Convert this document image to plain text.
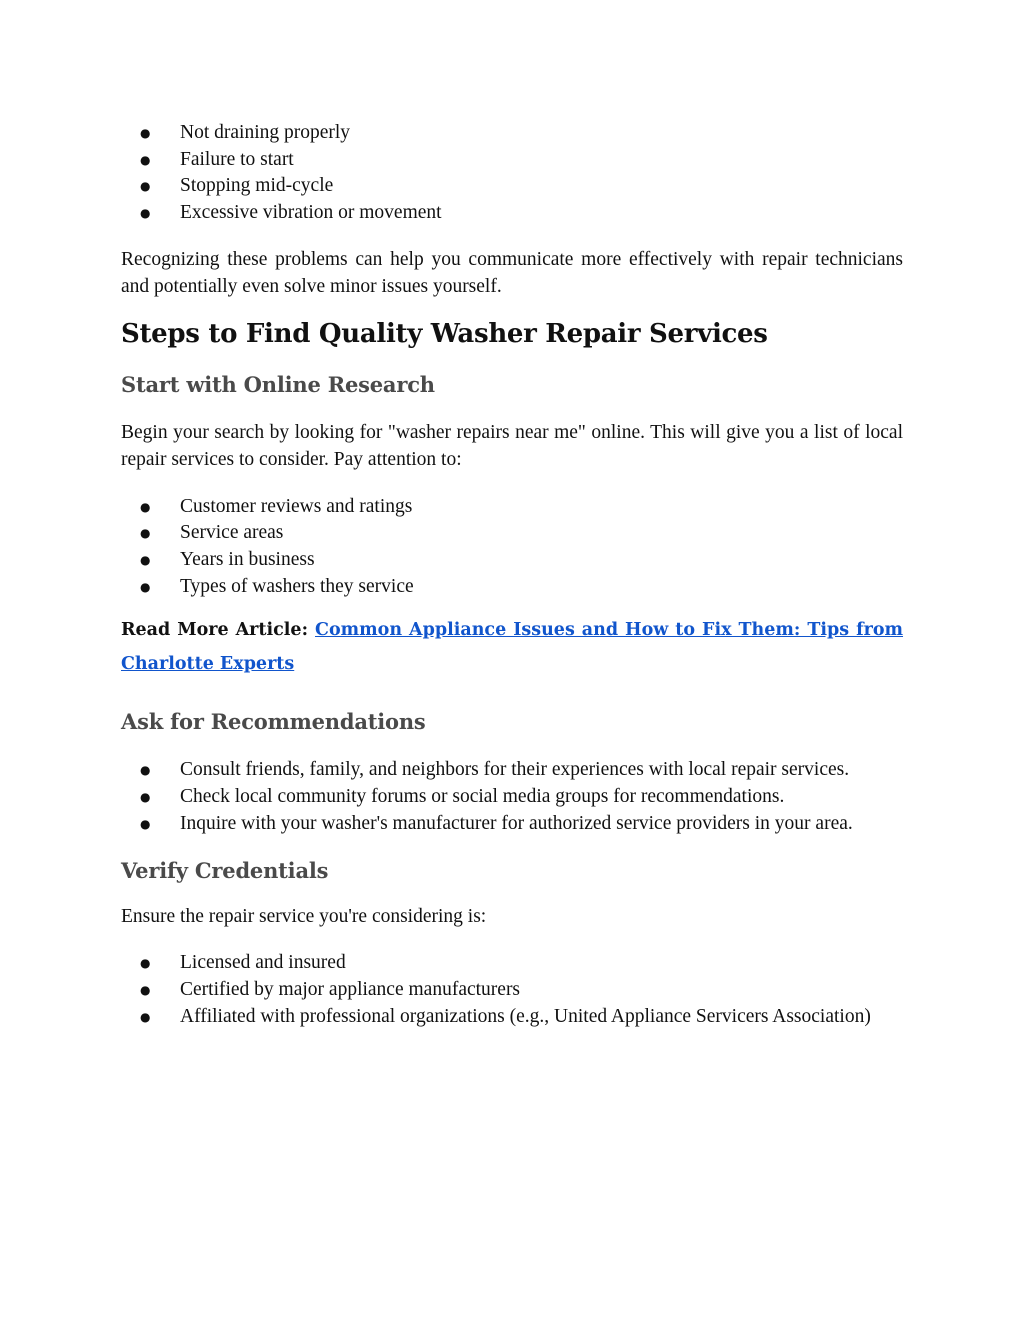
● Not draining properly
● Failure to start
● Stopping mid-cycle
● Excessive vibration or movement

Recognizing these problems can help you communicate more effectively with repair technicians and potentially even solve minor issues yourself.

Steps to Find Quality Washer Repair Services
Start with Online Research

Begin your search by looking for "washer repairs near me" online. This will give you a list of local repair services to consider. Pay attention to:

● Customer reviews and ratings
● Service areas
● Years in business
● Types of washers they service

Read More Article: Common Appliance Issues and How to Fix Them: Tips from Charlotte Experts

Ask for Recommendations
● Consult friends, family, and neighbors for their experiences with local repair services.
● Check local community forums or social media groups for recommendations.
● Inquire with your washer's manufacturer for authorized service providers in your area.
Verify Credentials

Ensure the repair service you're considering is:

● Licensed and insured
● Certified by major appliance manufacturers
● Affiliated with professional organizations (e.g., United Appliance Servicers Association)
